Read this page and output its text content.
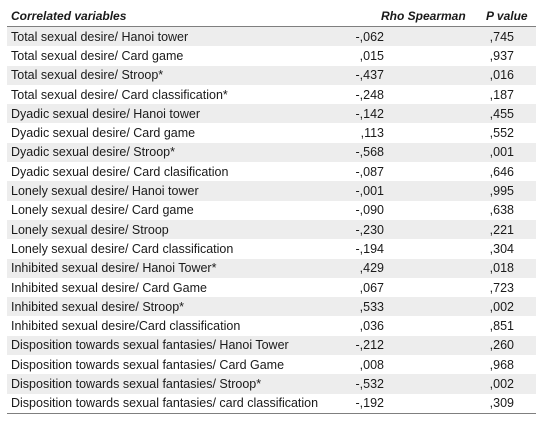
Correlated variables	Rho Spearman	P value
Total sexual desire/ Hanoi tower	-,062	,745
Total sexual desire/ Card game	,015	,937
Total sexual desire/ Stroop*	-,437	,016
Total sexual desire/ Card classification*	-,248	,187
Dyadic sexual desire/ Hanoi tower	-,142	,455
Dyadic sexual desire/ Card game	,113	,552
Dyadic sexual desire/ Stroop*	-,568	,001
Dyadic sexual desire/ Card clasification	-,087	,646
Lonely sexual desire/ Hanoi tower	-,001	,995
Lonely sexual desire/ Card game	-,090	,638
Lonely sexual desire/ Stroop	-,230	,221
Lonely sexual desire/ Card classification	-,194	,304
Inhibited sexual desire/ Hanoi Tower*	,429	,018
Inhibited sexual desire/ Card Game	,067	,723
Inhibited sexual desire/ Stroop*	,533	,002
Inhibited sexual desire/Card classification	,036	,851
Disposition towards sexual fantasies/ Hanoi Tower	-,212	,260
Disposition towards sexual fantasies/ Card Game	,008	,968
Disposition towards sexual fantasies/ Stroop*	-,532	,002
Disposition towards sexual fantasies/ card classification	-,192	,309
